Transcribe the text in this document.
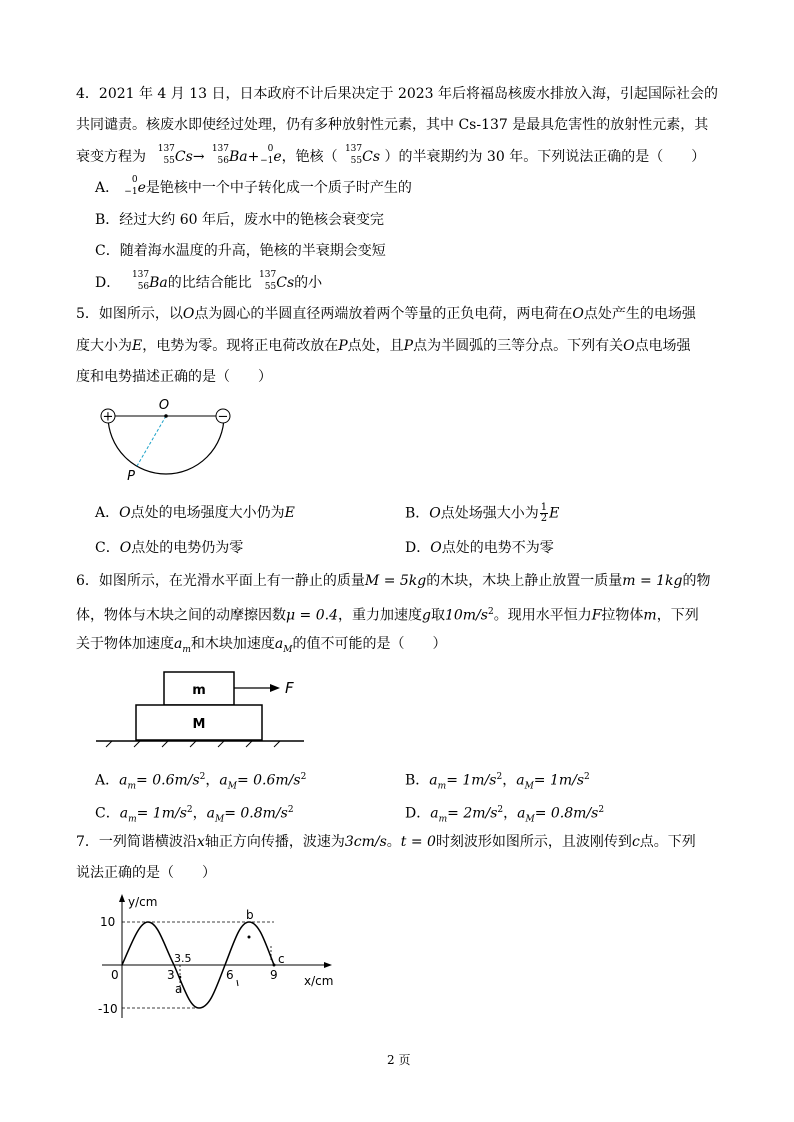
4．2021 年 4 月 13 日，日本政府不计后果决定于 2023 年后将福岛核废水排放入海，引起国际社会的
共同谴责。核废水即使经过处理，仍有多种放射性元素，其中 Cs-137 是最具危害性的放射性元素，其
衰变方程为 137
55 Cs→ 137
56 Ba+ 0
−1 e，铯核（ 137
55 Cs ）的半衰期约为 30 年。下列说法正确的是（　　）
A． 0
−1 e是铯核中一个中子转化成一个质子时产生的
B．经过大约 60 年后，废水中的铯核会衰变完
C．随着海水温度的升高，铯核的半衰期会变短
D． 137
56 Ba的比结合能比 137
55 Cs的小
5．如图所示，以O点为圆心的半圆直径两端放着两个等量的正负电荷，两电荷在O点处产生的电场强
度大小为E，电势为零。现将正电荷改放在P点处，且P点为半圆弧的三等分点。下列有关O点电场强
度和电势描述正确的是（　　）
+	−
O
P
A．O点处的电场强度大小仍为E	B．O点处场强大小为 $\frac{1}{2}$ E
C．O点处的电势仍为零	D．O点处的电势不为零
6．如图所示，在光滑水平面上有一静止的质量M = 5kg的木块，木块上静止放置一质量m = 1kg的物
体，物体与木块之间的动摩擦因数μ = 0.4，重力加速度g取$10m/s^2$。现用水平恒力F拉物体m，下列
关于物体加速度$a_m$和木块加速度$a_M$的值不可能的是（　　）
m
M
F
A．$a_m= 0.6m/s^2$，$a_M= 0.6m/s^2$	B．$a_m= 1m/s^2$，$a_M= 1m/s^2$
C．$a_m= 1m/s^2$，$a_M= 0.8m/s^2$	D．$a_m= 2m/s^2$，$a_M= 0.8m/s^2$
7．一列简谐横波沿x轴正方向传播，波速为3cm/s。t = 0时刻波形如图所示，且波刚传到c点。下列
说法正确的是（　　）
y/cm
x/cm
10
-10
0	3
3.5
6	9
a
b
c
2 页
